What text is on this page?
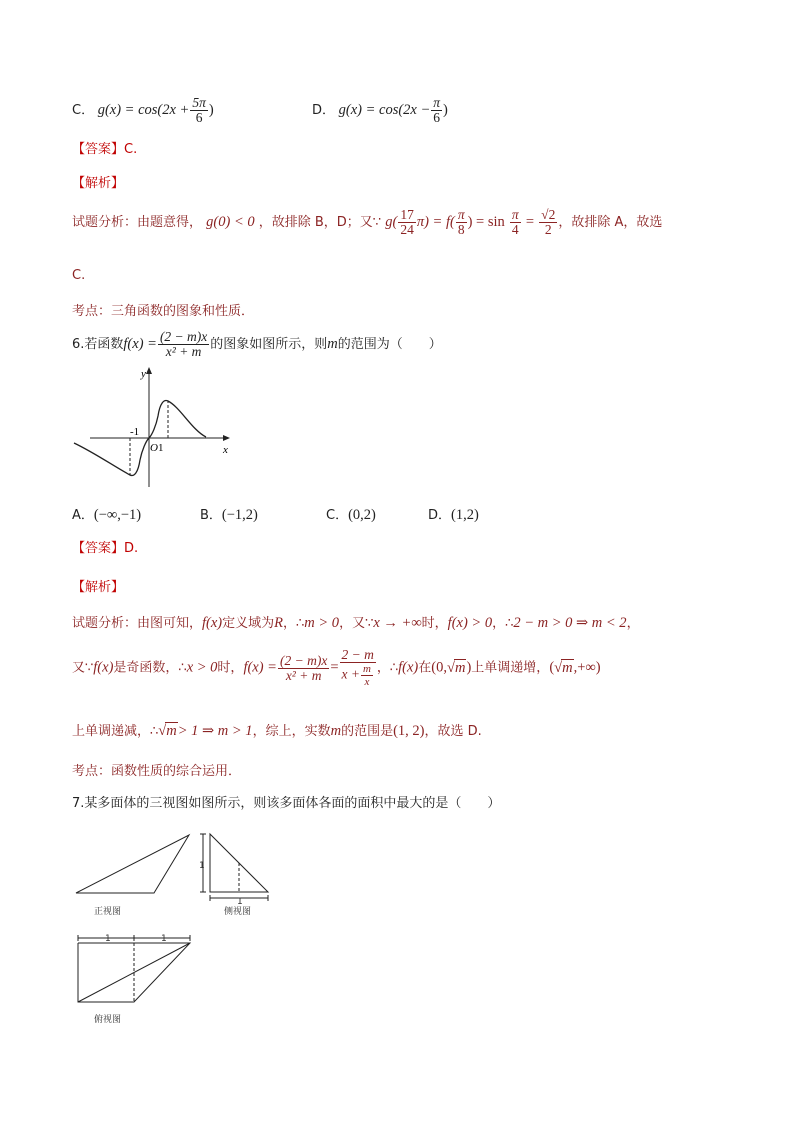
C． $g(x) = \cos(2x + \frac{5\pi}{6}$ )	D． $g(x) = \cos(2x - \frac{\pi}{6}$ )
【答案】C.
【解析】
试题分析：由题意得， g(0) < 0 ，故排除 B，D；又∵ $g( \frac{17}{24} \pi) = f( \frac{\pi}{8}$ ) = $\sin \frac{\pi}{4} = \frac{√2}{2}$ ，故排除 A，故选
C.
考点：三角函数的图象和性质．
6.若函数$f(x) = \frac{(2 - m)x}{\text{x² + m}}$ 的图象如图所示，则m的范围为（　　）
y
x
-1
O 1
A．(−∞,−1)	B．(−1,2)	C．(0,2)	D．(1,2)
【答案】D.
【解析】
试题分析：由图可知，f(x)定义域为R，∴m > 0，又∵x → +∞时，f(x) > 0，∴2 − m > 0 ⇒ m < 2，
又∵f(x)是奇函数，∴x > 0时，$f(x) = \frac{(2 - m)x}{\text{x² + m}} = \frac{2 - m}{x + \frac{m}{x}}$ ，∴f(x)在(0,√m)上单调递增，(√m,+∞)
上单调递减，∴√m> 1 ⇒ m > 1，综上，实数m的范围是(1, 2)，故选 D.
考点：函数性质的综合运用．
7.某多面体的三视图如图所示，则该多面体各面的面积中最大的是（　　）
正视图
1
1
侧视图
1	1
俯视图
